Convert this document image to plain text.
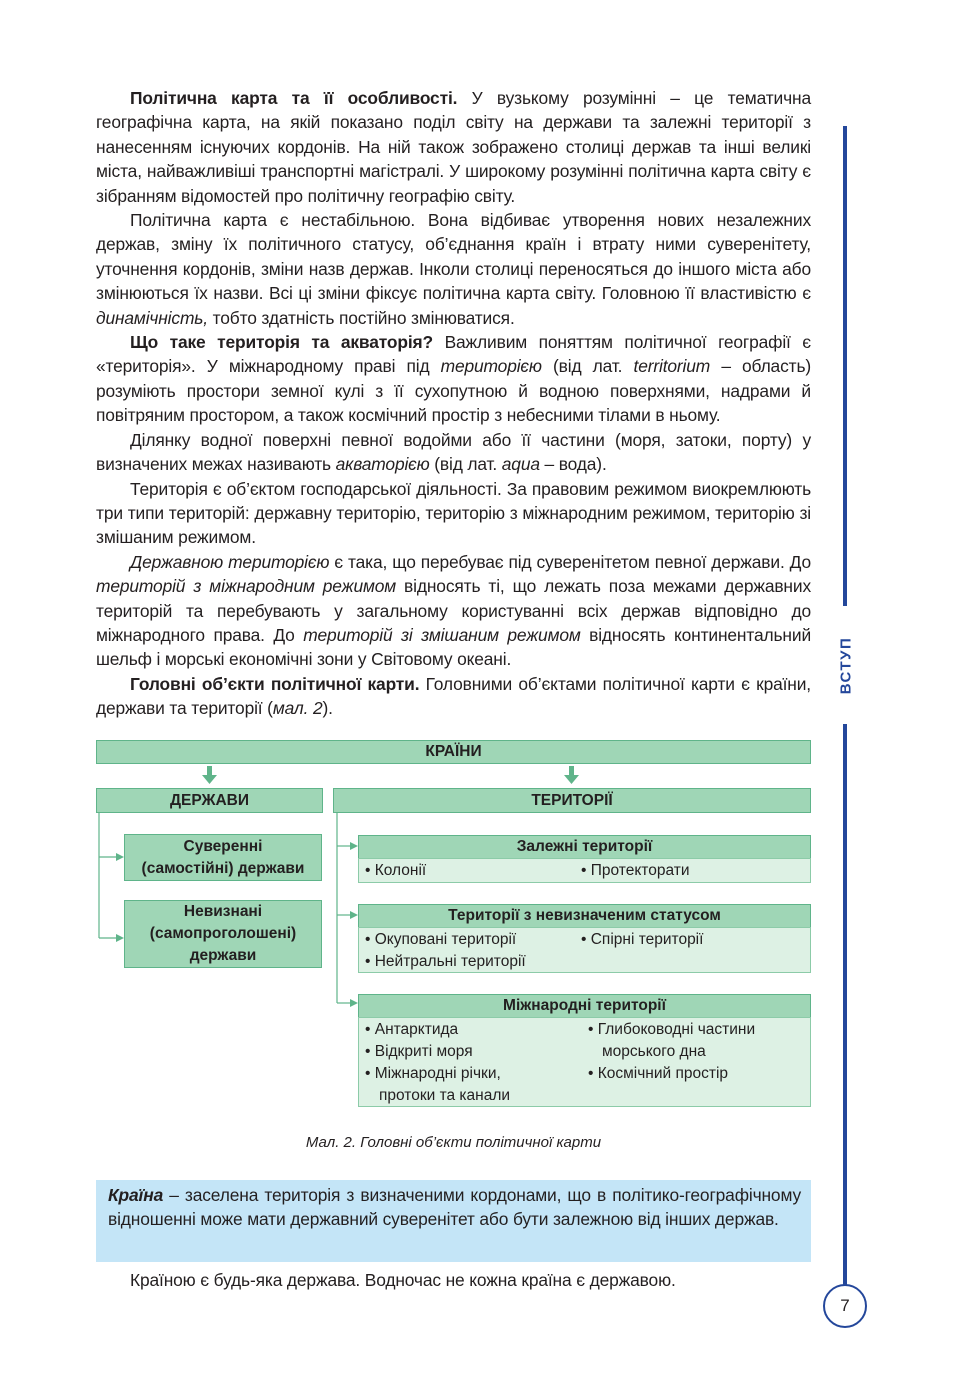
Політична карта та її особливості. У вузькому розумінні – це тематична географічна карта, на якій показано поділ світу на держави та залежні території з нанесенням існуючих кордонів. На ній також зображено столиці держав та інші великі міста, найважливіші транспортні магістралі. У широкому розумінні політична карта світу є зібранням відомостей про політичну географію світу.

Політична карта є нестабільною. Вона відбиває утворення нових незалежних держав, зміну їх політичного статусу, об’єднання країн і втрату ними суверенітету, уточнення кордонів, зміни назв держав. Інколи столиці переносяться до іншого міста або змінюються їх назви. Всі ці зміни фіксує політична карта світу. Головною її властивістю є динамічність, тобто здатність постійно змінюватися.

Що таке територія та акваторія? Важливим поняттям політичної географії є «територія». У міжнародному праві під територією (від лат. territorium – область) розуміють простори земної кулі з її сухопутною й водною поверхнями, надрами й повітряним простором, а також космічний простір з небесними тілами в ньому.

Ділянку водної поверхні певної водойми або її частини (моря, затоки, порту) у визначених межах називають акваторією (від лат. aqua – вода).

Територія є об’єктом господарської діяльності. За правовим режимом виокремлюють три типи територій: державну територію, територію з міжнародним режимом, територію зі змішаним режимом.

Державною територією є така, що перебуває під суверенітетом певної держави. До територій з міжнародним режимом відносять ті, що лежать поза межами державних територій та перебувають у загальному користуванні всіх держав відповідно до міжнародного права. До територій зі змішаним режимом відносять континентальний шельф і морські економічні зони у Світовому океані.

Головні об’єкти політичної карти. Головними об’єктами політичної карти є країни, держави та території (мал. 2).

ВСТУП
КРАЇНИ
ДЕРЖАВИ	ТЕРИТОРІЇ
Суверенні
(самостійні) держави
Невизнані
(самопроголошені)
держави
Залежні території
• Колонії
•	Протекторати
Території з невизначеним статусом
• Окуповані території
• Нейтральні території
• Спірні території
Міжнародні території
• Антарктида
• Відкриті моря
• Міжнародні річки,
протоки та канали
• Глибоководні частини
морського дна
• Космічний простір
Мал. 2. Головні об’єкти політичної карти
Країна – заселена територія з визначеними кордонами, що в політико-географічному відношенні може мати державний суверенітет або бути залежною від інших держав.

Країною є будь-яка держава. Водночас не кожна країна є державою.

7
